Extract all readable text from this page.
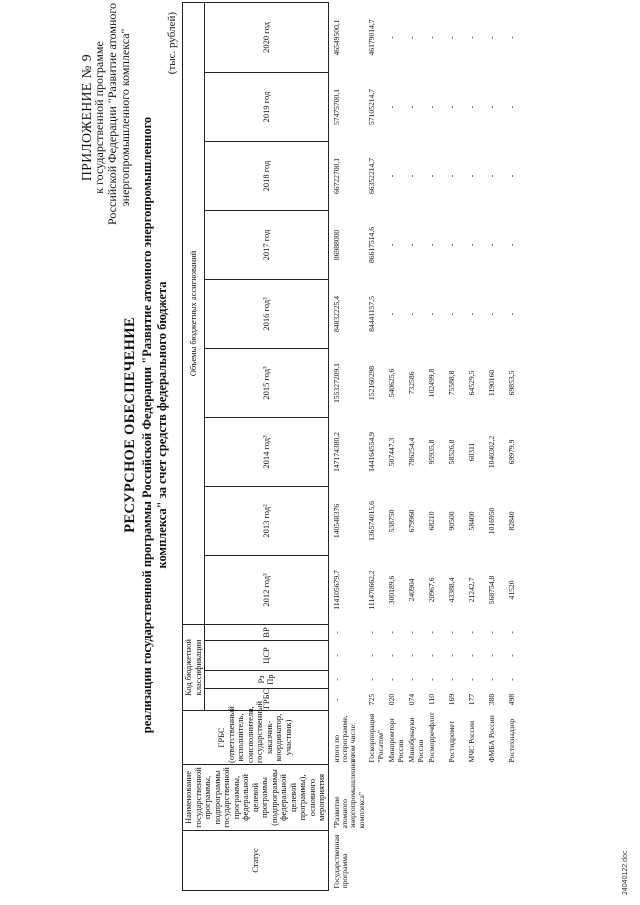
ПРИЛОЖЕНИЕ № 9
к государственной программе Российской Федерации "Развитие атомного энергопромышленного комплекса"
РЕСУРСНОЕ ОБЕСПЕЧЕНИЕ реализации государственной программы Российской Федерации "Развитие атомного энергопромышленного комплекса" за счет средств федерального бюджета
(тыс. рублей)
Статус	Наименование государственной программы, подпрограммы государственной программы, федеральной целевой программы (подпрограммы федеральной целевой программы), основного мероприятия	ГРБС (ответственный исполнитель, соисполнители, государственный заказчик-координатор, участник)	Код бюджетной классификации				Объемы бюджетных ассигнований								
			ГРБС	Рз Пр	ЦСР	ВР	2012 год³	2013 год²	2014 год³	2015 год³	2016 год³	2017 год	2018 год	2019 год	2020 год

Государственная программа	"Развитие атомного энергопромышленного комплекса"	итого по госпрограмме, в том числе:	-	-	-	-	114105679,7	140548376	147174380,2	155327209,1	84832225,4	86988000	66722700,1	57475700,1	46549500,1
		Госкорпорация "Росатом"	725	-	-	-	111470662,2	136574015,6	144164554,9	152160298	84441157,5	86617514,6	66352214,7	57105214,7	46179014,7
		Минпромторг России	020	-	-	-	300189,6	538750	507447,3	540625,6	-	-	-	-	-
		Минобрнауки России	074	-	-	-	240904	679960	786254,4	732586	-	-	-	-	-
		Росморречфлот	110	-	-	-	20967,6	68210	95935,8	102499,8	-	-	-	-	-
		Ростидромет	169	-	-	-	43388,4	90500	58526,8	75588,8	-	-	-	-	-
		МЧС России	177	-	-	-	21242,7	58400	60311	64529,5	-	-	-	-	-
		ФМБА России	388	-	-	-	568754,8	1016950	1040302,2	1190160	-	-	-	-	-
		Ростехнадзор	498	-	-	-	41520	82840	69979,9	69853,5	-	-	-	-	-
24040122.doc
